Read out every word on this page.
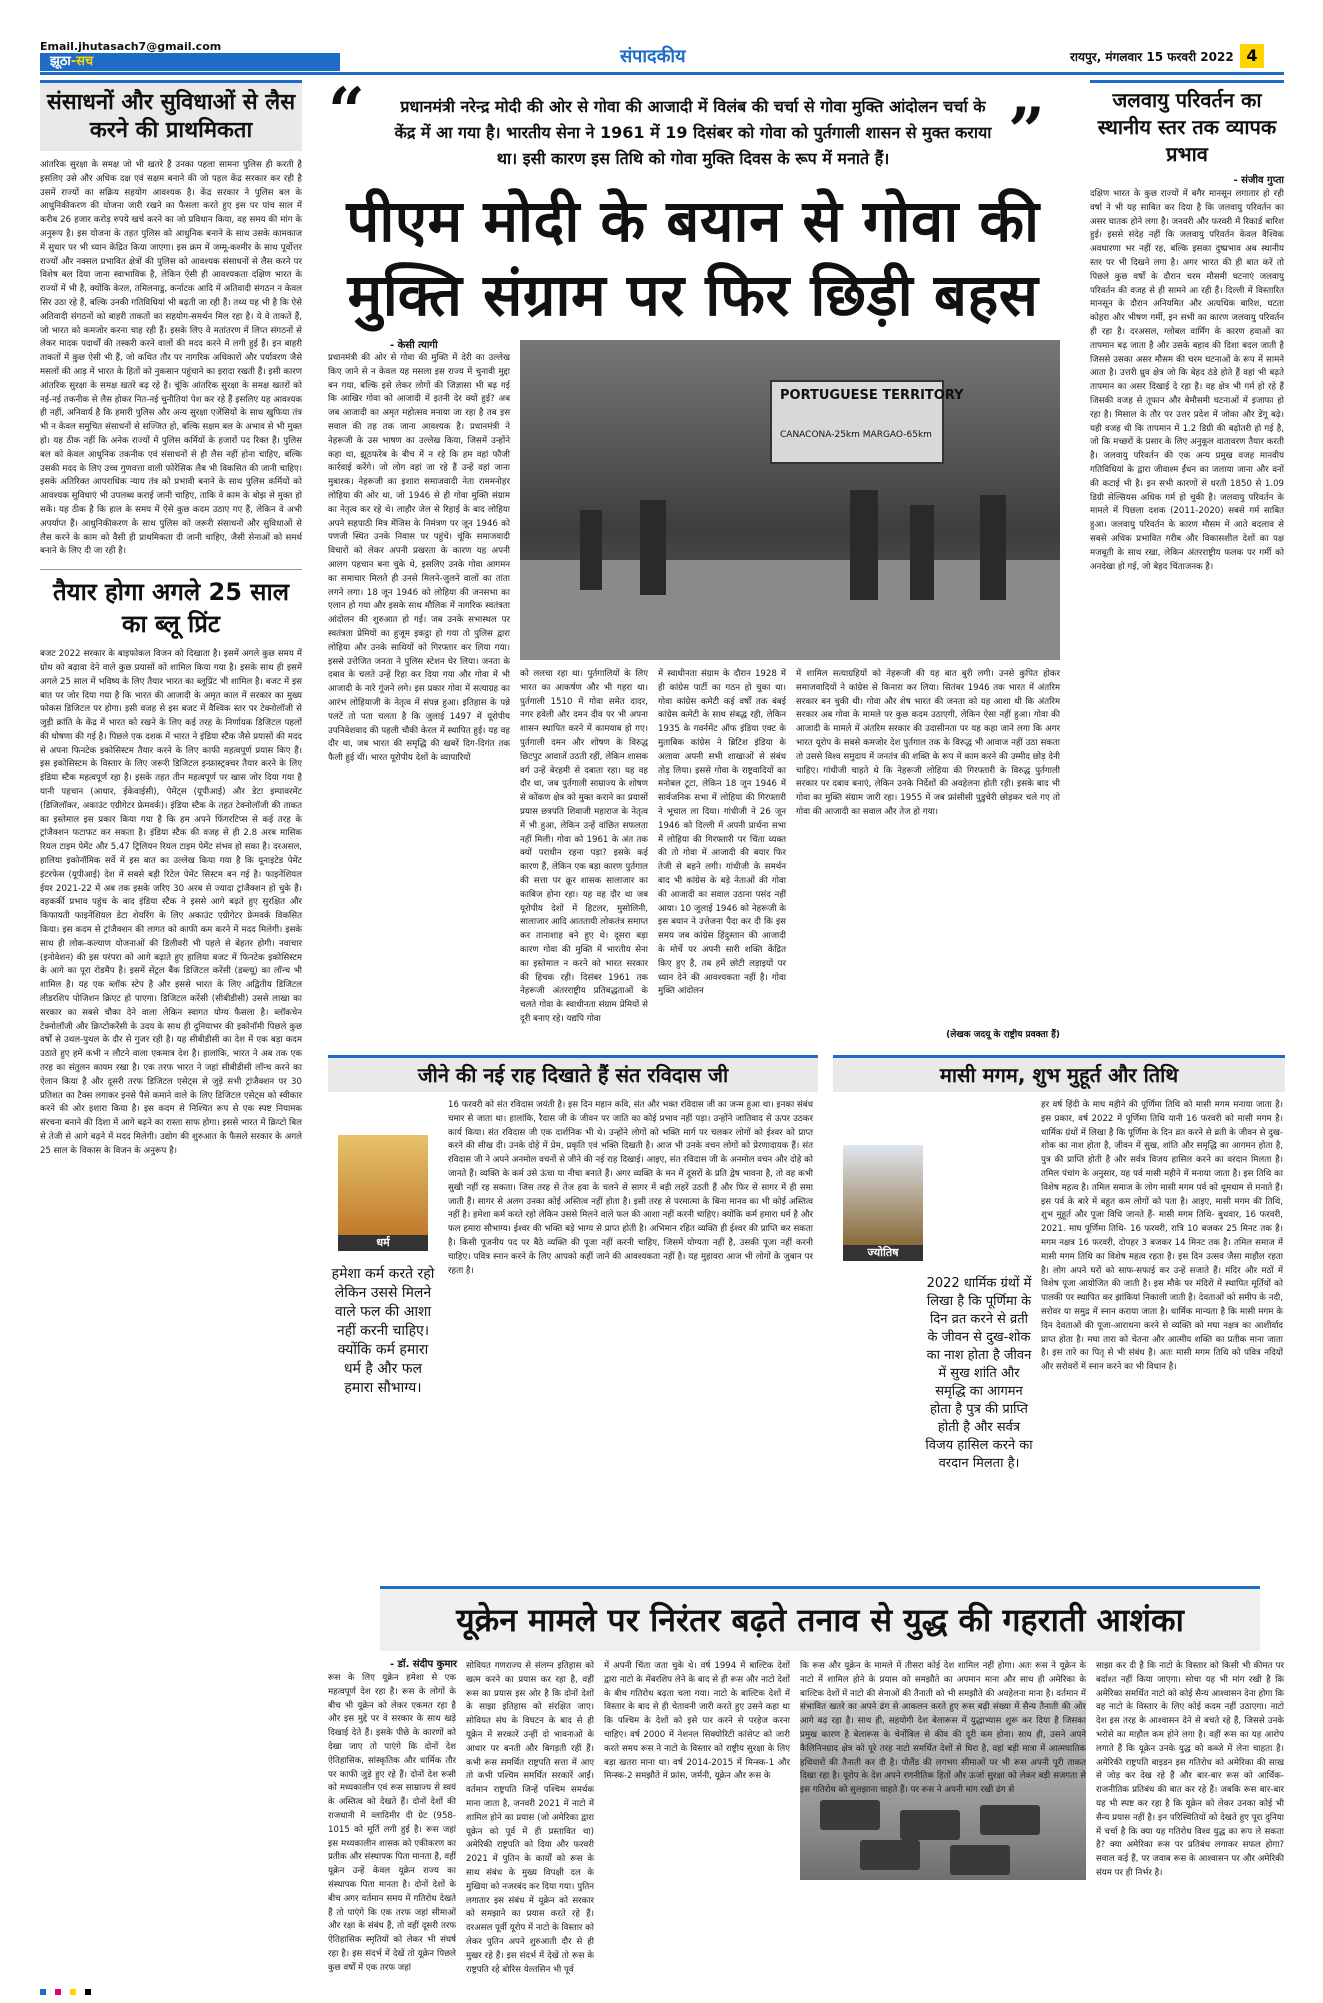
Email.jhutasach7@gmail.com
झूठा-सच	संपादकीय	रायपुर, मंगलवार 15 फरवरी 2022 4
संसाधनों और सुविधाओं से लैस करने की प्राथमिकता
आंतरिक सुरक्षा के समक्ष जो भी खतरे हैं उनका पहला सामना पुलिस ही करती है इसलिए उसे और अधिक दक्ष एवं सक्षम बनाने की जो पहल केंद्र सरकार कर रही है उसमें राज्यों का सक्रिय सहयोग आवश्यक है। केंद्र सरकार ने पुलिस बल के आधुनिकीकरण की योजना जारी रखने का फैसला करते हुए इस पर पांच साल में करीब 26 हजार करोड़ रुपये खर्च करने का जो प्रविधान किया, वह समय की मांग के अनुरूप है। इस योजना के तहत पुलिस को आधुनिक बनाने के साथ उसके कामकाज में सुधार पर भी ध्यान केंद्रित किया जाएगा। इस क्रम में जम्मू-कश्मीर के साथ पूर्वोत्तर राज्यों और नक्सल प्रभावित क्षेत्रों की पुलिस को आवश्यक संसाधनों से लैस करने पर विशेष बल दिया जाना स्वाभाविक है, लेकिन ऐसी ही आवश्यकता दक्षिण भारत के राज्यों में भी है, क्योंकि केरल, तमिलनाडु, कर्नाटक आदि में अतिवादी संगठन न केवल सिर उठा रहे हैं, बल्कि उनकी गतिविधियां भी बढ़ती जा रही हैं। तथ्य यह भी है कि ऐसे अतिवादी संगठनों को बाहरी ताकतों का सहयोग-समर्थन मिल रहा है। ये वे ताकतें हैं, जो भारत को कमजोर करना चाह रही हैं। इसके लिए वे मतांतरण में लिप्त संगठनों से लेकर मादक पदार्थों की तस्करी करने वालों की मदद करने में लगी हुई हैं। इन बाहरी ताकतों में कुछ ऐसी भी हैं, जो कथित तौर पर नागरिक अधिकारों और पर्यावरण जैसे मसलों की आड़ में भारत के हितों को नुकसान पहुंचाने का इरादा रखती हैं। इसी कारण आंतरिक सुरक्षा के समक्ष खतरे बढ़ रहे हैं। चूंकि आंतरिक सुरक्षा के समक्ष खतरों को नई-नई तकनीक से लैस होकर नित-नई चुनौतियां पेश कर रहे हैं इसलिए यह आवश्यक ही नहीं, अनिवार्य है कि हमारी पुलिस और अन्य सुरक्षा एजेंसियों के साथ खुफिया तंत्र भी न केवल समुचित संसाधनों से सज्जित हो, बल्कि सक्षम बल के अभाव से भी मुक्त हो। यह ठीक नहीं कि अनेक राज्यों में पुलिस कर्मियों के हजारों पद रिक्त हैं। पुलिस बल को केवल आधुनिक तकनीक एवं संसाधनों से ही लैस नहीं होना चाहिए, बल्कि उसकी मदद के लिए उच्च गुणवत्ता वाली फोरेंसिक लैब भी विकसित की जानी चाहिए। इसके अतिरिक्त आपराधिक न्याय तंत्र को प्रभावी बनाने के साथ पुलिस कर्मियों को आवश्यक सुविधाएं भी उपलब्ध कराई जानी चाहिए, ताकि वे काम के बोझ से मुक्त हो सकें। यह ठीक है कि हाल के समय में ऐसे कुछ कदम उठाए गए हैं, लेकिन वे अभी अपर्याप्त हैं। आधुनिकीकरण के साथ पुलिस को जरूरी संसाधनों और सुविधाओं से लैस करने के काम को वैसी ही प्राथमिकता दी जानी चाहिए, जैसी सेनाओं को समर्थ बनाने के लिए दी जा रही है।
तैयार होगा अगले 25 साल का ब्लू प्रिंट
बजट 2022 सरकार के बाइफोकल विजन को दिखाता है। इसमें अगले कुछ समय में ग्रोथ को बढ़ावा देने वाले कुछ प्रयासों को शामिल किया गया है। इसके साथ ही इसमें अगले 25 साल में भविष्य के लिए तैयार भारत का ब्लूप्रिंट भी शामिल है। बजट में इस बात पर जोर दिया गया है कि भारत की आजादी के अमृत काल में सरकार का मुख्य फोकस डिजिटल पर होगा। इसी वजह से इस बजट में वैश्विक स्तर पर टेक्नोलॉजी से जुड़ी क्रांति के केंद्र में भारत को रखने के लिए कई तरह के निर्णायक डिजिटल पहलों की घोषणा की गई है। पिछले एक दशक में भारत ने इंडिया स्टैक जैसे प्रयासों की मदद से अपना फिनटेक इकोसिस्टम तैयार करने के लिए काफी महत्वपूर्ण प्रयास किए हैं। इस इकोसिस्टम के विस्तार के लिए जरूरी डिजिटल इन्फ्रास्ट्रक्चर तैयार करने के लिए इंडिया स्टैक महत्वपूर्ण रहा है। इसके तहत तीन महत्वपूर्ण पर खास जोर दिया गया है यानी पहचान (आधार, ईकेवाईसी), पेमेंट्स (यूपीआई) और डेटा इम्पावरमेंट (डिजिलॉकर, अकाउंट एग्रीगेटर फ्रेमवर्क)। इंडिया स्टैक के तहत टेक्नोलॉजी की ताकत का इस्तेमाल इस प्रकार किया गया है कि हम अपने फिंगरटिप्स से कई तरह के ट्रांजैक्शन फटाफट कर सकता है। इंडिया स्टैक की वजह से ही 2.8 अरब मासिक रियल टाइम पेमेंट और 5.47 ट्रिलियन रियल टाइम पेमेंट संभव हो सका है। दरअसल, हालिया इकोनॉमिक सर्वे में इस बात का उल्लेख किया गया है कि यूनाइटेड पेमेंट इंटरफेस (यूपीआई) देश में सबसे बड़ी रिटेल पेमेंट सिस्टम बन गई है। फाइनेंशियल ईयर 2021-22 में अब तक इसके जरिए 30 अरब से ज्यादा ट्रांजैक्शन हो चुके हैं। वहकर्की प्रभाव पहुंच के बाद इंडिया स्टैक ने इससे आगे बढ़ते हुए सुरक्षित और किफायती फाइनेंशियल डेटा शेयरिंग के लिए अकाउंट एग्रीगेटर फ्रेमवर्क विकसित किया। इस कदम से ट्रांजैक्शन की लागत को काफी कम करने में मदद मिलेगी। इसके साथ ही लोक-कल्याण योजनाओं की डिलीवरी भी पहले से बेहतर होगी। नवाचार (इनोवेशन) की इस परंपरा को आगे बढ़ाते हुए हालिया बजट में फिनटेक इकोसिस्टम के आगे का पूरा रोडमैप है। इसमें सेंट्रल बैंक डिजिटल करेंसी (डब्ल्यू) का लॉन्च भी शामिल है। यह एक ब्लॉक स्टेप है और इससे भारत के लिए अद्वितीय डिजिटल लीडरशिप पोजिशन क्रिएट हो पाएगा। डिजिटल करेंसी (सीबीडीसी) उससे लाखा का सरकार का सबसे चौका देने वाला लेकिन स्वागत योग्य फैसला है। ब्लॉकचेन टेक्नोलॉजी और क्रिप्टोकरेंसी के उदय के साथ ही दुनियाभर की इकोनॉमी पिछले कुछ वर्षों से उथल-पुथल के दौर से गुजर रही है। यह सीबीडीसी का देश में एक बड़ा कदम उठाते हुए हमें कभी न लौटने वाला एकमात्र देश है। हालांकि, भारत ने अब तक एक तरह का संतुलन कायम रखा है। एक तरफ भारत ने जहां सीबीडीसी लॉन्च करने का ऐलान किया है और दूसरी तरफ डिजिटल एसेट्स से जुड़े सभी ट्रांजैक्शन पर 30 प्रतिशत का टैक्स लगाकर इनसे पैसे कमाने वाले के लिए डिजिटल एसेट्स को स्वीकार करने की ओर इशारा किया है। इस कदम से निश्चित रूप से एक स्पष्ट नियामक संरचना बनाने की दिशा में आगे बढ़ने का रास्ता साफ होगा। इससे भारत में क्रिप्टो बिल से तेजी से आगे बढ़ने में मदद मिलेगी। उद्योग की शुरुआत के फैसले सरकार के अगले 25 साल के विकास के विजन के अनुरूप है।
“	प्रधानमंत्री नरेन्द्र मोदी की ओर से गोवा की आजादी में विलंब की चर्चा से गोवा मुक्ति आंदोलन चर्चा के केंद्र में आ गया है। भारतीय सेना ने 1961 में 19 दिसंबर को गोवा को पुर्तगाली शासन से मुक्त कराया था। इसी कारण इस तिथि को गोवा मुक्ति दिवस के रूप में मनाते हैं।	”
पीएम मोदी के बयान से गोवा की
मुक्ति संग्राम पर फिर छिड़ी बहस
- केसी त्यागी
प्रधानमंत्री की ओर से गोवा की मुक्ति में देरी का उल्लेख किए जाने से न केवल यह मसला इस राज्य में चुनावी मुद्दा बन गया, बल्कि इसे लेकर लोगों की जिज्ञासा भी बढ़ गई कि आखिर गोवा को आजादी में इतनी देर क्यों हुई? अब जब आजादी का अमृत महोत्सव मनाया जा रहा है तब इस सवाल की तह तक जाना आवश्यक है। प्रधानमंत्री ने नेहरूजी के उस भाषण का उल्लेख किया, जिसमें उन्होंने कहा था, झूठफरेब के बीच में न रहे कि हम वहां फौजी कार्रवाई करेंगे। जो लोग वहां जा रहे हैं उन्हें वहां जाना मुबारक। नेहरूजी का इशारा समाजवादी नेता राममनोहर लोहिया की ओर था, जो 1946 से ही गोवा मुक्ति संग्राम का नेतृत्व कर रहे थे। लाहौर जेल से रिहाई के बाद लोहिया अपने सहपाठी मित्र मेंजिस के निमंत्रण पर जून 1946 को पणजी स्थित उनके निवास पर पहुंचे। चूंकि समाजवादी विचारों को लेकर अपनी प्रखरता के कारण यह अपनी आलग पहचान बना चुके थे, इसलिए उनके गोवा आगमन का समाचार मिलते ही उनसे मिलने-जुलने वालों का तांता लगने लगा। 18 जून 1946 को लोहिया की जनसभा का एलान हो गया और इसके साथ मौलिक में नागरिक स्वतंत्रता आंदोलन की शुरुआत हो गई। जब उनके सभास्थल पर स्वतंत्रता प्रेमियों का हुजूम इकट्ठा हो गया तो पुलिस द्वारा लोहिया और उनके साथियों को गिरफ्तार कर लिया गया। इससे उत्तेजित जनता ने पुलिस स्टेशन घेर लिया। जनता के दबाव के चलते उन्हें रिहा कर दिया गया और गोवा में भी आजादी के नारे गूंजने लगे। इस प्रकार गोवा में सत्याग्रह का आरंभ लोहियाजी के नेतृत्व में संपन्न हुआ। इतिहास के पन्ने पलटें तो पता चलता है कि जुलाई 1497 में यूरोपीय उपनिवेशवाद की पहली चौकी केरल में स्थापित हुई। यह वह दौर था, जब भारत की समृद्धि की खबरें दिग-दिगंत तक फैली हुई थीं। भारत यूरोपीय देशों के व्यापारियों
PORTUGUESE TERRITORY
CANACONA-25km MARGAO-65km
को ललचा रहा था। पुर्तगालियों के लिए भारत का आकर्षण और भी गहरा था। पुर्तगाली 1510 में गोवा समेत दादर, नगर हवेली और दमन दीव पर भी अपना शासन स्थापित करने में कामयाब हो गए। पुर्तगाली दमन और शोषण के विरुद्ध छिटपुट आवाजें उठती रहीं, लेकिन शासक वर्ग उन्हें बेरहमी से दबाता रहा। यह वह दौर था, जब पुर्तगाली साम्राज्य के शोषण से कोंकण क्षेत्र को मुक्त कराने का प्रयासों प्रयास छत्रपति शिवाजी महाराज के नेतृत्व में भी हुआ, लेकिन उन्हें वांछित सफलता नहीं मिली। गोवा को 1961 के अंत तक क्यों पराधीन रहना पड़ा? इसके कई कारण हैं, लेकिन एक बड़ा कारण पुर्तगाल की सत्ता पर क्रूर शासक सालाजार का काबिज होना रहा। यह वह दौर था जब यूरोपीय देशों में हिटलर, मुसोलिनी, सालाजार आदि आततायी लोकतंत्र समाप्त कर तानाशाह बने हुए थे। दूसरा बड़ा कारण गोवा की मुक्ति में भारतीय सेना का इस्तेमाल न करने को भारत सरकार की हिचक रही। दिसंबर 1961 तक नेहरूजी अंतरराष्ट्रीय प्रतिबद्धताओं के चलते गोवा के स्वाधीनता संग्राम प्रेमियों से दूरी बनाए रहे। यद्यपि गोवा
में स्वाधीनता संग्राम के दौरान 1928 में ही कांग्रेस पार्टी का गठन हो चुका था। गोवा कांग्रेस कमेटी कई वर्षों तक बंबई कांग्रेस कमेटी के साथ संबद्ध रही, लेकिन 1935 के गवर्नमेंट ऑफ इंडिया एक्ट के मुताबिक कांग्रेस ने ब्रिटिश इंडिया के अलावा अपनी सभी शाखाओं से संबंध तोड़ लिया। इससे गोवा के राष्ट्रवादियों का मनोबल टूटा, लेकिन 18 जून 1946 में सार्वजनिक सभा में लोहिया की गिरफ्तारी ने भूचाल ला दिया। गांधीजी ने 26 जून 1946 को दिल्ली में अपनी प्रार्थना सभा में लोहिया की गिरफ्तारी पर चिंता व्यक्त की तो गोवा में आजादी की बयार फिर तेजी से बहने लगी। गांधीजी के समर्थन बाद भी कांग्रेस के बड़े नेताओं की गोवा की आजादी का सवाल उठाना पसंद नहीं आया। 10 जुलाई 1946 को नेहरूजी के इस बयान ने उत्तेजना पैदा कर दी कि इस समय जब कांग्रेस हिंदुस्तान की आजादी के मोर्चे पर अपनी सारी शक्ति केंद्रित किए हुए है, तब हमें छोटी लड़ाइयों पर ध्यान देने की आवश्यकता नहीं है। गोवा मुक्ति आंदोलन
में शामिल सत्याग्रहियों को नेहरूजी की यह बात बुरी लगी। उनसे कुपित होकर समाजवादियों ने कांग्रेस से किनारा कर लिया। सितंबर 1946 तक भारत में अंतरिम सरकार बन चुकी थी। गोवा और शेष भारत की जनता को यह आशा थी कि अंतरिम सरकार अब गोवा के मामले पर कुछ कदम उठाएगी, लेकिन ऐसा नहीं हुआ। गोवा की आजादी के मामले में अंतरिम सरकार की उदासीनता पर यह कहा जाने लगा कि अगर भारत यूरोप के सबसे कमजोर देश पुर्तगाल तक के विरुद्ध भी आवाज नहीं उठा सकता तो उससे विश्व समुदाय में जनतंत्र की शक्ति के रूप में काम करने की उम्मीद छोड़ देनी चाहिए। गांधीजी चाहते थे कि नेहरूजी लोहिया की गिरफ्तारी के विरुद्ध पुर्तगाली सरकार पर दबाव बनाएं, लेकिन उनके निर्देशों की अवहेलना होती रही। इसके बाद भी गोवा का मुक्ति संग्राम जारी रहा। 1955 में जब फ्रांसीसी पुडुचेरी छोड़कर चले गए तो गोवा की आजादी का सवाल और तेज हो गया।
(लेखक जदयू के राष्ट्रीय प्रवक्ता हैं)
जलवायु परिवर्तन का स्थानीय स्तर तक व्यापक प्रभाव
- संजीव गुप्ता
दक्षिण भारत के कुछ राज्यों में बगैर मानसून लगातार हो रही वर्षा ने भी यह साबित कर दिया है कि जलवायु परिवर्तन का असर घातक होने लगा है। जनवरी और फरवरी में रिकार्ड बारिश हुई। इससे संदेह नहीं कि जलवायु परिवर्तन केवल वैश्विक अवधारणा भर नहीं रह, बल्कि इसका दुष्प्रभाव अब स्थानीय स्तर पर भी दिखने लगा है। अगर भारत की ही बात करें तो पिछले कुछ वर्षों के दौरान चरम मौसमी घटनाएं जलवायु परिवर्तन की वजह से ही सामने आ रही हैं। दिल्ली में विस्तारित मानसून के दौरान अनियमित और अत्यधिक बारिश, घटता कोहरा और भीषण गर्मी, इन सभी का कारण जलवायु परिवर्तन ही रहा है। दरअसल, ग्लोबल वार्मिंग के कारण हवाओं का तापमान बढ़ जाता है और उसके बहाव की दिशा बदल जाती है जिससे उसका असर मौसम की चरम घटनाओं के रूप में सामने आता है। उत्तरी ध्रुव क्षेत्र जो कि बेहद ठंडे होते हैं वहां भी बढ़ते तापमान का असर दिखाई दे रहा है। वह क्षेत्र भी गर्म हो रहे हैं जिसकी वजह से तूफान और बेमौसमी घटनाओं में इजाफा हो रहा है। मिसाल के तौर पर उत्तर प्रदेश में जोका और डेंगू बढ़े। यही वजह थी कि तापमान में 1.2 डिग्री की बढ़ोतरी हो गई है, जो कि मच्छरों के प्रसार के लिए अनुकूल वातावरण तैयार करती है। जलवायु परिवर्तन की एक अन्य प्रमुख वजह मानवीय गतिविधियां के द्वारा जीवाश्म ईंधन का जलाया जाना और वनों की कटाई भी है। इन सभी कारणों से धरती 1850 से 1.09 डिग्री सेल्सियस अधिक गर्म हो चुकी है। जलवायु परिवर्तन के मामले में पिछला दशक (2011-2020) सबसे गर्म साबित हुआ। जलवायु परिवर्तन के कारण मौसम में आते बदलाव से सबसे अधिक प्रभावित गरीब और विकासशील देशों का पक्ष मजबूती के साथ रखा, लेकिन अंतरराष्ट्रीय फलक पर गर्मी को अनदेखा हो गई, जो बेहद चिंताजनक है।
जीने की नई राह दिखाते हैं संत रविदास जी
धर्म
हमेशा कर्म करते रहो लेकिन उससे मिलने वाले फल की आशा नहीं करनी चाहिए। क्योंकि कर्म हमारा धर्म है और फल हमारा सौभाग्य।
16 फरवरी को संत रविदास जयंती है। इस दिन महान कवि, संत और भक्त रविदास जी का जन्म हुआ था। इनका संबंध चमार से जाता था। हालांकि, रैदास जी के जीवन पर जाति का कोई प्रभाव नहीं पड़ा। उन्होंने जातिवाद से ऊपर उठकर कार्य किया। संत रविदास जी एक दार्शनिक भी थे। उन्होंने लोगों को भक्ति मार्ग पर चलकर लोगों को ईश्वर को प्राप्त करने की सीख दी। उनके दोहे में प्रेम, प्रकृति एवं भक्ति दिखती है। आज भी उनके वचन लोगों को प्रेरणादायक हैं। संत रविदास जी ने अपने अनमोल वचनों से जीने की नई राह दिखाई। आइए, संत रविदास जी के अनमोल वचन और दोहे को जानते हैं। व्यक्ति के कर्म उसे ऊंचा या नीचा बनाते हैं। अगर व्यक्ति के मन में दूसरों के प्रति द्वेष भावना है, तो वह कभी सुखी नहीं रह सकता। जिस तरह से तेज हवा के चलने से सागर में बड़ी लहरें उठती हैं और फिर से सागर में ही समा जाती हैं। सागर से अलग उनका कोई अस्तित्व नहीं होता है। इसी तरह से परमात्मा के बिना मानव का भी कोई अस्तित्व नहीं है। हमेशा कर्म करते रहो लेकिन उससे मिलने वाले फल की आशा नहीं करनी चाहिए। क्योंकि कर्म हमारा धर्म है और फल हमारा सौभाग्य। ईश्वर की भक्ति बड़े भाग्य से प्राप्त होती है। अभिमान रहित व्यक्ति ही ईश्वर की प्राप्ति कर सकता है। किसी पूजनीय पद पर बैठे व्यक्ति की पूजा नहीं करनी चाहिए, जिसमें योग्यता नहीं है, उसकी पूजा नहीं करनी चाहिए। पवित्र स्नान करने के लिए आपको कहीं जाने की आवश्यकता नहीं है। यह मुहावरा आज भी लोगों के जुबान पर रहता है।
मासी मगम, शुभ मुहूर्त और तिथि
ज्योतिष
2022 धार्मिक ग्रंथों में लिखा है कि पूर्णिमा के दिन व्रत करने से व्रती के जीवन से दुख-शोक का नाश होता है जीवन में सुख शांति और समृद्धि का आगमन होता है पुत्र की प्राप्ति होती है और सर्वत्र विजय हासिल करने का वरदान मिलता है।
हर वर्ष हिंदी के माघ महीने की पूर्णिमा तिथि को मासी मगम मनाया जाता है। इस प्रकार, वर्ष 2022 में पूर्णिमा तिथि यानी 16 फरवरी को मासी मगम है। धार्मिक ग्रंथों में लिखा है कि पूर्णिमा के दिन व्रत करने से व्रती के जीवन से दुख-शोक का नाश होता है, जीवन में सुख, शांति और समृद्धि का आगमन होता है, पुत्र की प्राप्ति होती है और सर्वत्र विजय हासिल करने का वरदान मिलता है। तमिल पंचांग के अनुसार, यह पर्व मासी महीने में मनाया जाता है। इस तिथि का विशेष महत्व है। तमिल समाज के लोग मासी मगम पर्व को धूमधाम से मनाते हैं। इस पर्व के बारे में बहुत कम लोगों को पता है। आइए, मासी मगम की तिथि, शुभ मुहूर्त और पूजा विधि जानते हैं- मासी मगम तिथि- बुधवार, 16 फरवरी, 2021. माघ पूर्णिमा तिथि- 16 फरवरी, रात्रि 10 बजकर 25 मिनट तक है। मगम नक्षत्र 16 फरवरी, दोपहर 3 बजकर 14 मिनट तक है। तमिल समाज में मासी मगम तिथि का विशेष महत्व रहता है। इस दिन उत्सव जैसा माहौल रहता है। लोग अपने घरों को साफ-सफाई कर उन्हें सजाते हैं। मंदिर और मठों में विशेष पूजा आयोजित की जाती है। इस मौके पर मंदिरों में स्थापित मूर्तियों को पालकी पर स्थापित कर झांकियां निकाली जाती है। देवताओं को समीप के नदी, सरोवर या समुद्र में स्नान कराया जाता है। धार्मिक मान्यता है कि मासी मगम के दिन देवताओं की पूजा-आराधना करने से व्यक्ति को मघा नक्षत्र का आशीर्वाद प्राप्त होता है। मघा तारा को चेतना और आत्मीय शक्ति का प्रतीक माना जाता है। इस तारे का पितृ से भी संबंध है। अतः मासी मगम तिथि को पवित्र नदियों और सरोवरों में स्नान करने का भी विधान है।
यूक्रेन मामले पर निरंतर बढ़ते तनाव से युद्ध की गहराती आशंका
- डॉ. संदीप कुमार
रूस के लिए यूक्रेन हमेशा से एक महत्वपूर्ण देश रहा है। रूस के लोगों के बीच भी यूक्रेन को लेकर एकमत रहा है और इस मुद्दे पर वे सरकार के साथ खड़े दिखाई देते हैं। इसके पीछे के कारणों को देखा जाए तो पाएंगे कि दोनों देश ऐतिहासिक, सांस्कृतिक और धार्मिक तौर पर काफी जुड़े हुए रहे हैं। दोनों देश रूसी को मध्यकालीन एवं रूस साम्राज्य से स्वयं के अस्तित्व को देखते हैं। दोनों देशों की राजधानी में व्लादिमीर दी ग्रेट (958-1015 को मूर्ति लगी हुई है। रूस जहां इस मध्यकालीन शासक को एकीकरण का प्रतीक और संस्थापक पिता मानता है, वहीं यूक्रेन उन्हें केवल यूक्रेन राज्य का संस्थापक पिता मानता है। दोनों देशों के बीच अगर वर्तमान समय में गतिरोध देखते हैं तो पाएंगे कि एक तरफ जहां सीमाओं और रक्षा के संबंध हैं, तो वहीं दूसरी तरफ ऐतिहासिक स्मृतियों को लेकर भी संघर्ष रहा है। इस संदर्भ में देखें तो यूक्रेन पिछले कुछ वर्षों में एक तरफ जहां
सोवियत गणराज्य से संलग्न इतिहास को खत्म करने का प्रयास कर रहा है, वहीं रूस का प्रयास इस ओर है कि दोनों देशों के साझा इतिहास को संरक्षित जाए। सोवियत संघ के विघटन के बाद से ही यूक्रेन में सरकारें उन्हीं दो भावनाओं के आधार पर बनती और बिगड़ती रहीं हैं। कभी रूस समर्थित राष्ट्रपति सत्ता में आए तो कभी पश्चिम समर्थित सरकारें आईं। वर्तमान राष्ट्रपति जिन्हें पश्चिम समर्थक माना जाता है, जनवरी 2021 में नाटो में शामिल होने का प्रयास (जो अमेरिका द्वारा यूक्रेन को पूर्व में ही प्रस्तावित था) अमेरिकी राष्ट्रपति को दिया और फरवरी 2021 में पुतिन के कार्यों को रूस के साथ संबंध के मुख्य विपक्षी दल के मुखिया को नजरबंद कर दिया गया। पुतिन लगातार इस संबंध में यूक्रेन को सरकार को समझाने का प्रयास करते रहे हैं। दरअसल पूर्वी यूरोप में नाटो के विस्तार को लेकर पुतिन अपने शुरुआती दौर से ही मुखर रहे हैं। इस संदर्भ में देखें तो रूस के राष्ट्रपति रहे बोरिस येल्तसिन भी पूर्व
में अपनी चिंता जता चुके थे। वर्ष 1994 में बाल्टिक देशों द्वारा नाटो के मेंबरशिप लेने के बाद से ही रूस और नाटो देशों के बीच गतिरोध बढ़ता चला गया। नाटो के बाल्टिक देशों में विस्तार के बाद से ही चेतावनी जारी करते हुए उसने कहा था कि पश्चिम के देशों को इसे पार करने से परहेज करना चाहिए। वर्ष 2000 में नेशनल सिक्योरिटी कांसेप्ट को जारी करते समय रूस ने नाटो के विस्तार को राष्ट्रीय सुरक्षा के लिए बड़ा खतरा माना था। वर्ष 2014-2015 में मिन्स्क-1 और मिन्स्क-2 समझौते में फ्रांस, जर्मनी, यूक्रेन और रूस के
साझा कर दी है कि नाटो के विस्तार को किसी भी कीमत पर बर्दाश्त नहीं किया जाएगा। सोचा यह भी मांग रखी है कि अमेरिका समर्थित नाटो को कोई सैन्य आश्वासन देना होगा कि वह नाटो के विस्तार के लिए कोई कदम नहीं उठाएगा। नाटो देश इस तरह के आश्वासन देने से बचते रहे हैं, जिससे उनके भरोसे का माहौल कम होने लगा है। वहीं रूस का यह आरोप लगाते हैं कि यूक्रेन उनके युद्ध को कब्जे में लेना चाहता है। अमेरिकी राष्ट्रपति बाइडन इस गतिरोध को अमेरिका की साख से जोड़ कर देख रहे हैं और बार-बार रूस को आर्थिक-राजनीतिक प्रतिबंध की बात कर रहे हैं। जबकि रूस बार-बार यह भी स्पष्ट कर रहा है कि यूक्रेन को लेकर उनका कोई भी सैन्य प्रयास नहीं है। इन परिस्थितियों को देखते हुए पूरा दुनिया में चर्चा है कि क्या यह गतिरोध विश्व युद्ध का रूप ले सकता है? क्या अमेरिका रूस पर प्रतिबंध लगाकर सफल होगा? सवाल कई हैं, पर जवाब रूस के आश्वासन पर और अमेरिकी संयम पर ही निर्भर है।
कि रूस और यूक्रेन के मामले में तीसरा कोई देश शामिल नहीं होगा। अतः रूस ने यूक्रेन के नाटो में शामिल होने के प्रयास को समझौते का अपमान माना और साथ ही अमेरिका के बाल्टिक देशों में नाटो की सेनाओं की तैनाती को भी समझौते की अवहेलना माना है। वर्तमान में संभावित खतरे का अपने ढंग से आकलन करते हुए रूस बढ़ी संख्या में सैन्य तैनाती की ओर आगे बढ़ रहा है। साथ ही, सहयोगी देश बेलारूस में युद्धाभ्यास शुरू कर दिया है जिसका प्रमुख कारण है बेलारूस के चेर्नोबिल से कीव की दूरी कम होना। साथ ही, उसने अपने कैलिनिनग्राद क्षेत्र को पूरे तरह नाटो समर्थित देशों से घिरा है, वहां बड़ी मात्रा में आत्मघातिक हथियारों की तैनाती कर दी है। पोलैंड की लगभग सीमाओं पर भी रूस अपनी पूरी ताकत दिखा रहा है। यूरोप के देश अपने रणनीतिक हितों और ऊर्जा सुरक्षा को लेकर बड़ी सजगता से इस गतिरोध को सुलझाना चाहते हैं। पर रूस ने अपनी मांग रखी ढंग से
